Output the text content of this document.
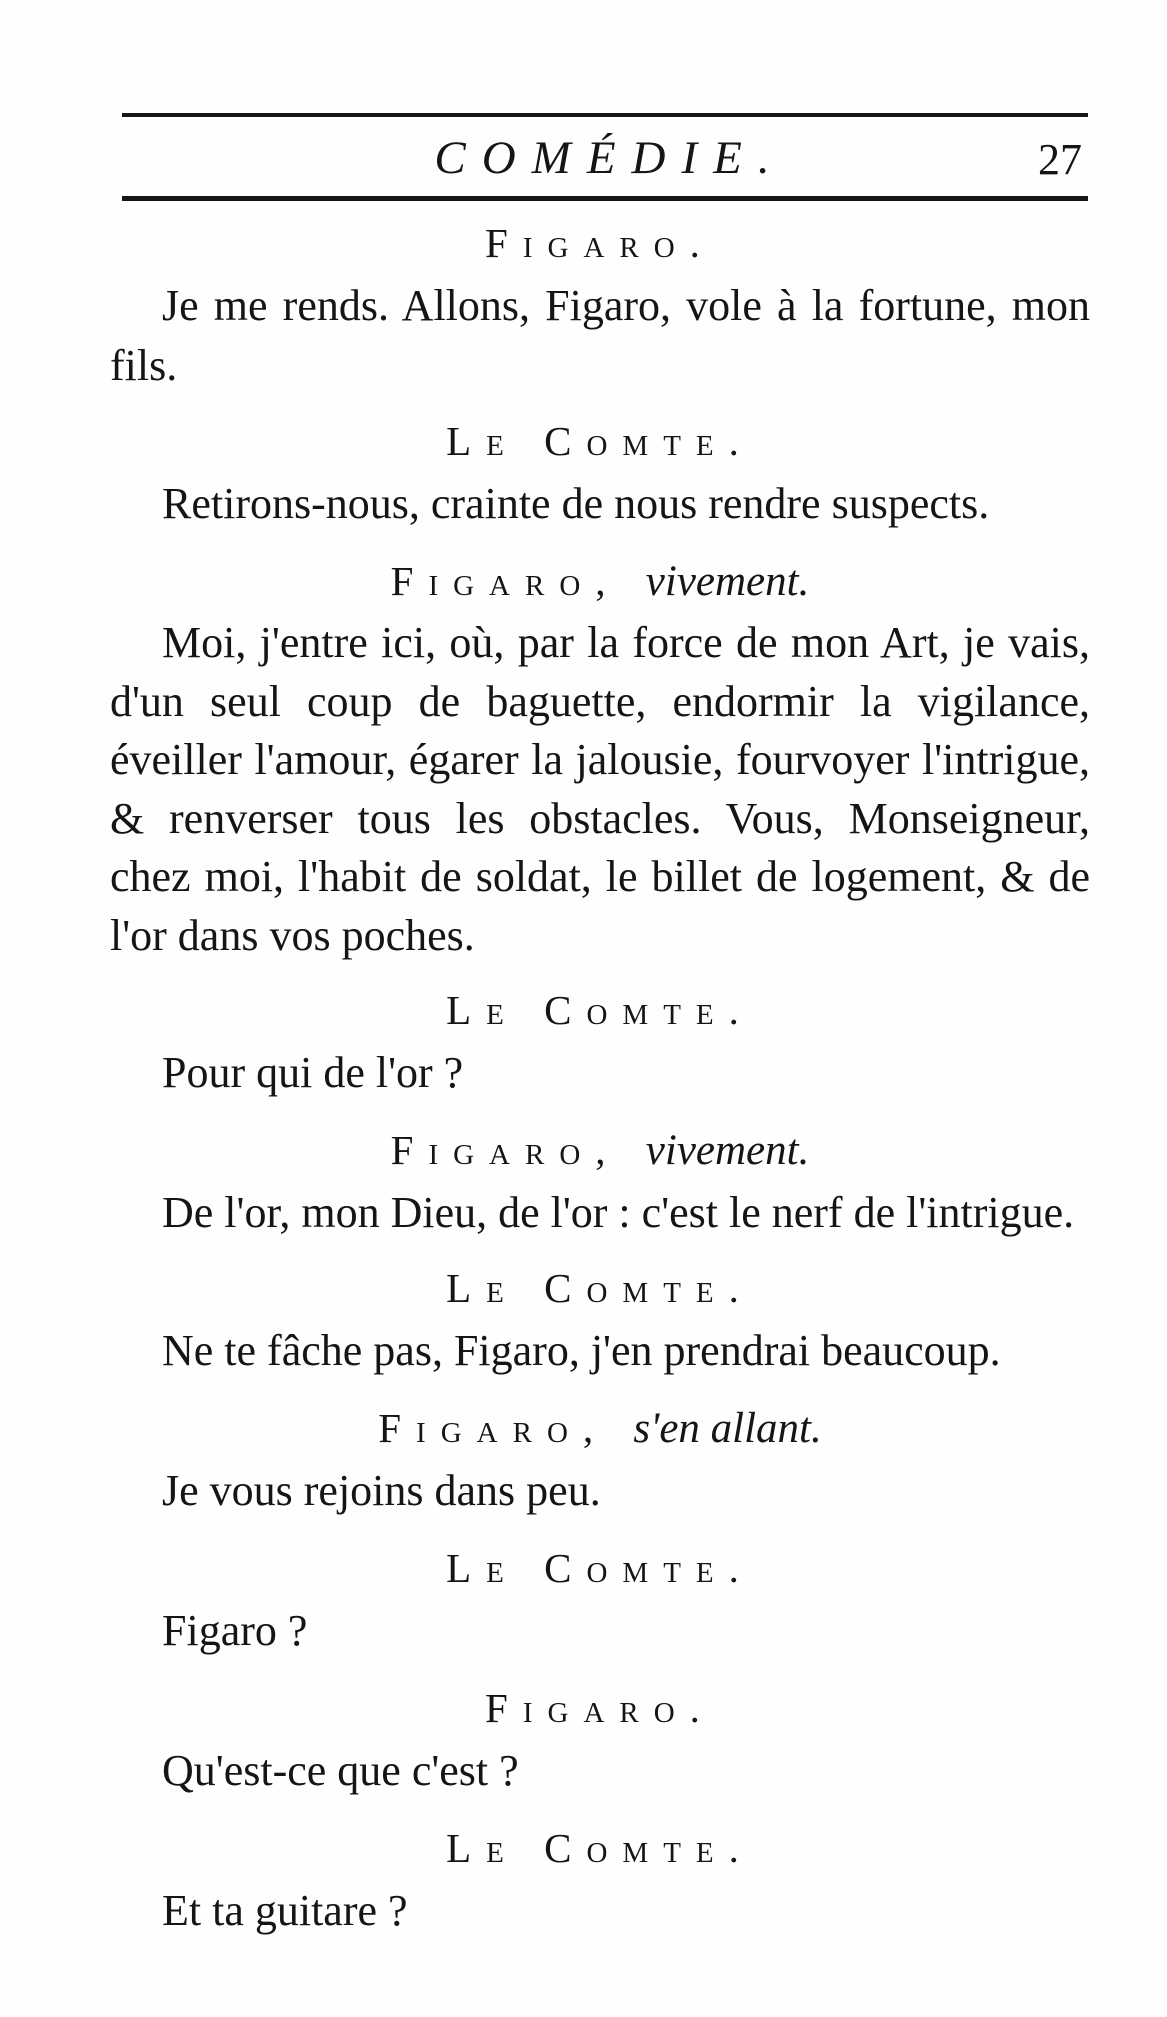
COMÉDIE.	27
Figaro.

Je me rends. Allons, Figaro, vole à la fortune, mon fils.

Le Comte.

Retirons-nous, crainte de nous rendre suspects.

Figaro, vivement.

Moi, j'entre ici, où, par la force de mon Art, je vais, d'un seul coup de baguette, endormir la vigilance, éveiller l'amour, égarer la jalousie, fourvoyer l'intrigue, & renverser tous les obstacles. Vous, Monseigneur, chez moi, l'habit de soldat, le billet de logement, & de l'or dans vos poches.

Le Comte.

Pour qui de l'or ?

Figaro, vivement.

De l'or, mon Dieu, de l'or : c'est le nerf de l'intrigue.

Le Comte.

Ne te fâche pas, Figaro, j'en prendrai beaucoup.

Figaro, s'en allant.

Je vous rejoins dans peu.

Le Comte.

Figaro ?

Figaro.

Qu'est-ce que c'est ?

Le Comte.

Et ta guitare ?
